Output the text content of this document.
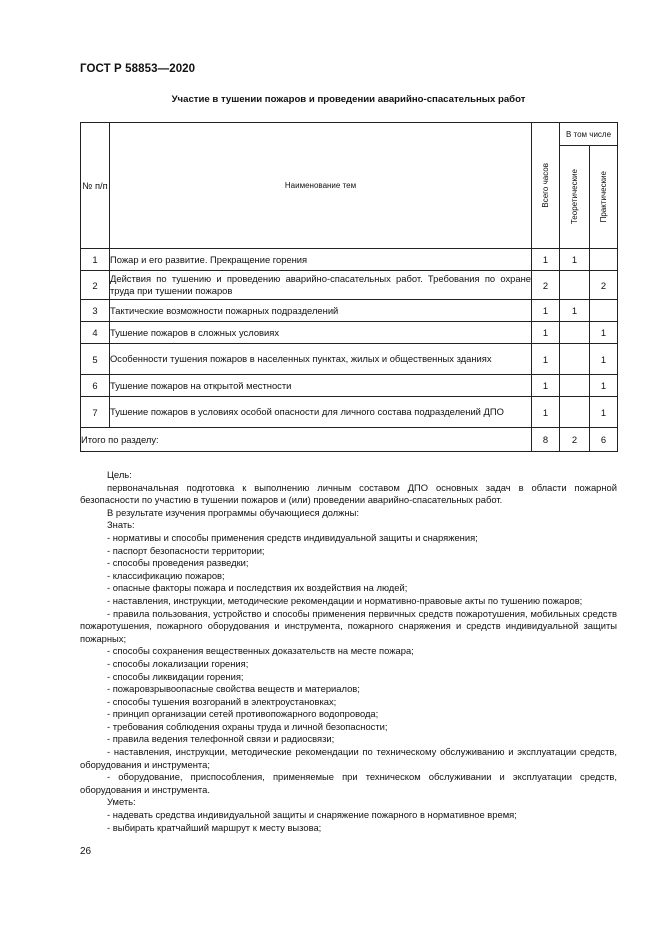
ГОСТ Р 58853—2020
Участие в тушении пожаров и проведении аварийно-спасательных работ
№ п/п	Наименование тем	Всего часов	В том числе	

			Теоретические	Практические

1	Пожар и его развитие. Прекращение горения	1	1	
2	Действия по тушению и проведению аварийно-спасательных работ. Требования по охране труда при тушении пожаров	2		2
3	Тактические возможности пожарных подразделений	1	1	
4	Тушение пожаров в сложных условиях	1		1
5	Особенности тушения пожаров в населенных пунктах, жилых и общественных зданиях	1		1
6	Тушение пожаров на открытой местности	1		1
7	Тушение пожаров в условиях особой опасности для личного состава подразделений ДПО	1		1
Итого по разделу:		8	2	6

Цель:

первоначальная подготовка к выполнению личным составом ДПО основных задач в области пожарной безопасности по участию в тушении пожаров и (или) проведении аварийно-спасательных работ.

В результате изучения программы обучающиеся должны:

Знать:

- нормативы и способы применения средств индивидуальной защиты и снаряжения;

- паспорт безопасности территории;

- способы проведения разведки;

- классификацию пожаров;

- опасные факторы пожара и последствия их воздействия на людей;

- наставления, инструкции, методические рекомендации и нормативно-правовые акты по тушению пожаров;

- правила пользования, устройство и способы применения первичных средств пожаротушения, мобильных средств пожаротушения, пожарного оборудования и инструмента, пожарного снаряжения и средств индивидуальной защиты пожарных;

- способы сохранения вещественных доказательств на месте пожара;

- способы локализации горения;

- способы ликвидации горения;

- пожаровзрывоопасные свойства веществ и материалов;

- способы тушения возгораний в электроустановках;

- принцип организации сетей противопожарного водопровода;

- требования соблюдения охраны труда и личной безопасности;

- правила ведения телефонной связи и радиосвязи;

- наставления, инструкции, методические рекомендации по техническому обслуживанию и эксплуатации средств, оборудования и инструмента;

- оборудование, приспособления, применяемые при техническом обслуживании и эксплуатации средств, оборудования и инструмента.

Уметь:

- надевать средства индивидуальной защиты и снаряжение пожарного в нормативное время;

- выбирать кратчайший маршрут к месту вызова;

26
